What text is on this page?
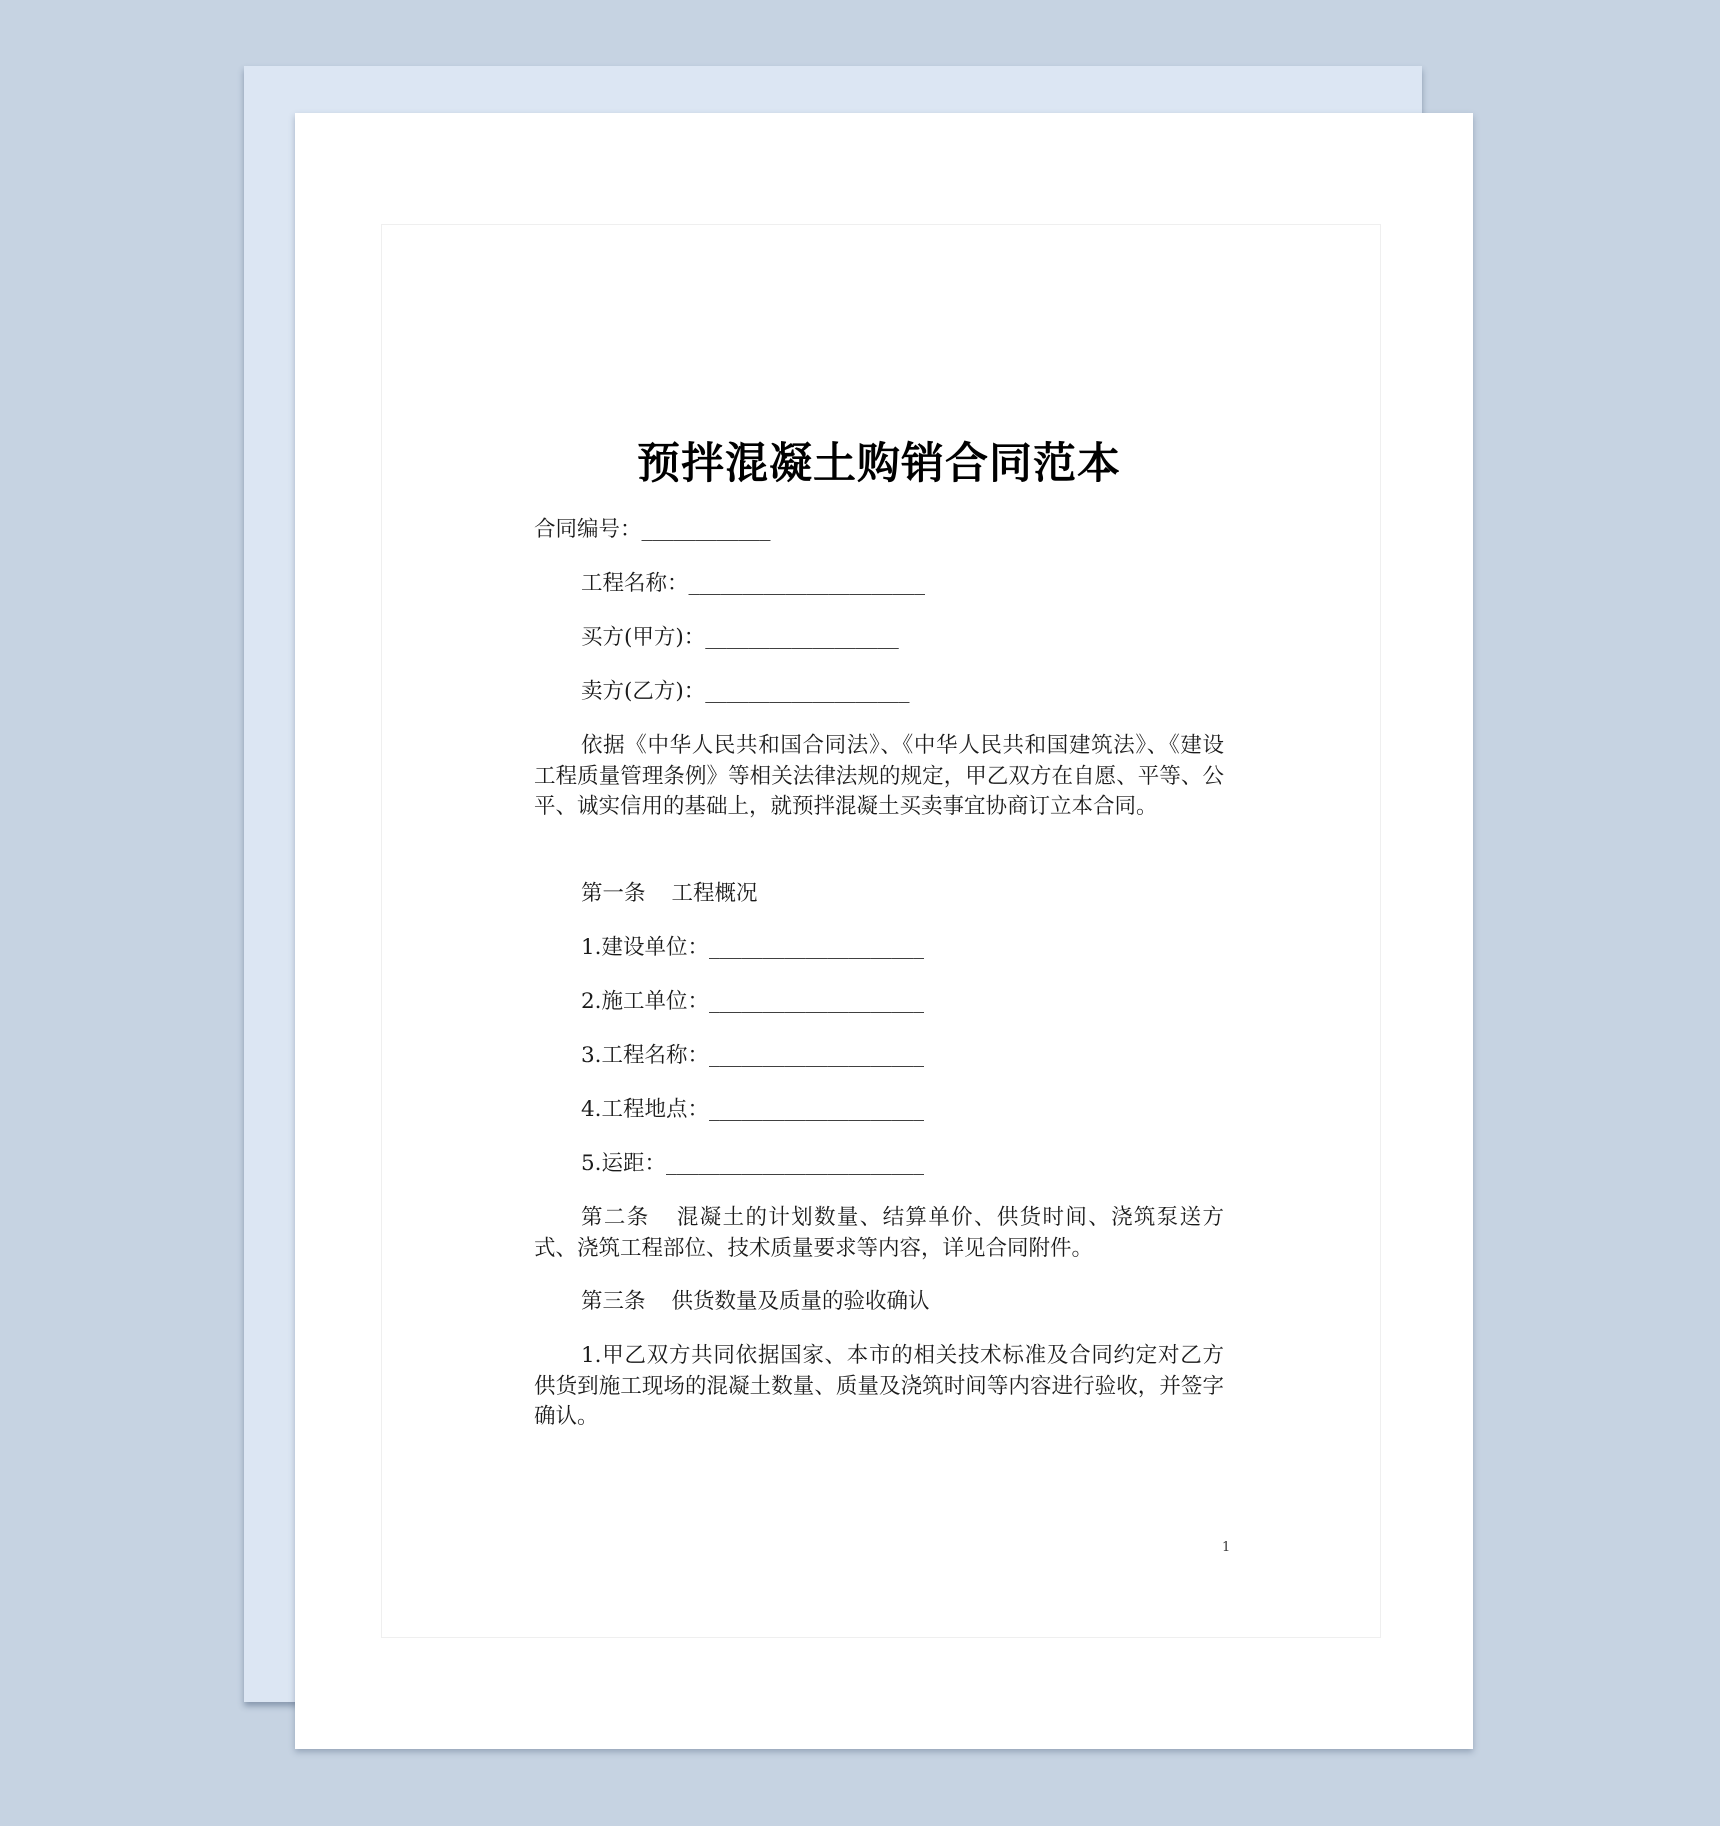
预拌混凝土购销合同范本
合同编号：____________
工程名称：______________________
买方(甲方)：__________________
卖方(乙方)：___________________
依据《中华人民共和国合同法》、《中华人民共和国建筑法》、《建设工程质量管理条例》等相关法律法规的规定，甲乙双方在自愿、平等、公平、诚实信用的基础上，就预拌混凝土买卖事宜协商订立本合同。
第一条 工程概况
1.建设单位：____________________
2.施工单位：____________________
3.工程名称：____________________
4.工程地点：____________________
5.运距：________________________
第二条 混凝土的计划数量、结算单价、供货时间、浇筑泵送方式、浇筑工程部位、技术质量要求等内容，详见合同附件。
第三条 供货数量及质量的验收确认
1.甲乙双方共同依据国家、本市的相关技术标准及合同约定对乙方供货到施工现场的混凝土数量、质量及浇筑时间等内容进行验收，并签字确认。
1
